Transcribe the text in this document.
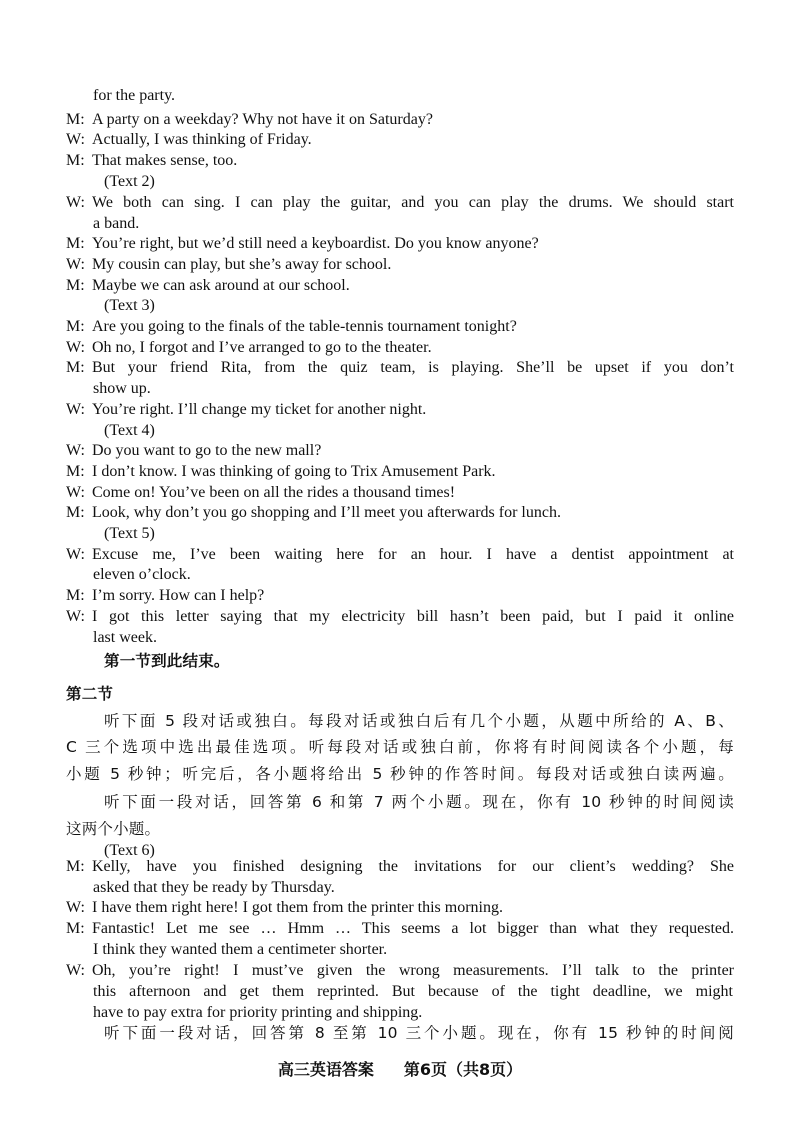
for the party.
M: A party on a weekday? Why not have it on Saturday?
W: Actually, I was thinking of Friday.
M: That makes sense, too.
(Text 2)
W: We both can sing. I can play the guitar, and you can play the drums. We should start
a band.
M: You’re right, but we’d still need a keyboardist. Do you know anyone?
W: My cousin can play, but she’s away for school.
M: Maybe we can ask around at our school.
(Text 3)
M: Are you going to the finals of the table-tennis tournament tonight?
W: Oh no, I forgot and I’ve arranged to go to the theater.
M: But your friend Rita, from the quiz team, is playing. She’ll be upset if you don’t
show up.
W: You’re right. I’ll change my ticket for another night.
(Text 4)
W: Do you want to go to the new mall?
M: I don’t know. I was thinking of going to Trix Amusement Park.
W: Come on! You’ve been on all the rides a thousand times!
M: Look, why don’t you go shopping and I’ll meet you afterwards for lunch.
(Text 5)
W: Excuse me, I’ve been waiting here for an hour. I have a dentist appointment at
eleven o’clock.
M: I’m sorry. How can I help?
W: I got this letter saying that my electricity bill hasn’t been paid, but I paid it online
last week.
第一节到此结束。
第二节
听下面 5 段对话或独白。每段对话或独白后有几个小题，从题中所给的 A、B、
C 三个选项中选出最佳选项。听每段对话或独白前，你将有时间阅读各个小题，每
小题 5 秒钟；听完后，各小题将给出 5 秒钟的作答时间。每段对话或独白读两遍。
听下面一段对话，回答第 6 和第 7 两个小题。现在，你有 10 秒钟的时间阅读
这两个小题。
(Text 6)
M: Kelly, have you finished designing the invitations for our client’s wedding? She
asked that they be ready by Thursday.
W: I have them right here! I got them from the printer this morning.
M: Fantastic! Let me see … Hmm … This seems a lot bigger than what they requested.
I think they wanted them a centimeter shorter.
W: Oh, you’re right! I must’ve given the wrong measurements. I’ll talk to the printer
this afternoon and get them reprinted. But because of the tight deadline, we might
have to pay extra for priority printing and shipping.
听下面一段对话，回答第 8 至第 10 三个小题。现在，你有 15 秒钟的时间阅
高三英语答案 第6页（共8页）
